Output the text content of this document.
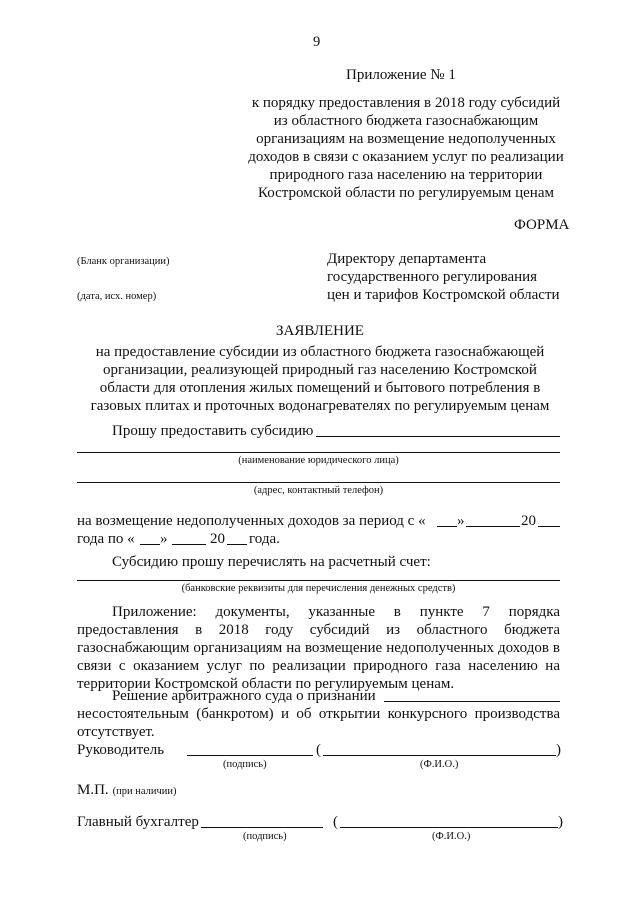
9
Приложение № 1
к порядку предоставления в 2018 году субсидий
из областного бюджета газоснабжающим
организациям на возмещение недополученных
доходов в связи с оказанием услуг по реализации
природного газа населению на территории
Костромской области по регулируемым ценам
ФОРМА
(Бланк организации)
(дата, исх. номер)
Директору департамента
государственного регулирования
цен и тарифов Костромской области
ЗАЯВЛЕНИЕ
на предоставление субсидии из областного бюджета газоснабжающей
организации, реализующей природный газ населению Костромской
области для отопления жилых помещений и бытового потребления в
газовых плитах и проточных водонагревателях по регулируемым ценам
Прошу предоставить субсидию
(наименование юридического лица)
(адрес, контактный телефон)
на возмещение недополученных доходов за период с « »	20
года по « »	20 года.
Субсидию прошу перечислять на расчетный счет:
(банковские реквизиты для перечисления денежных средств)
Приложение: документы, указанные в пункте 7 порядка
предоставления в 2018 году субсидий из областного бюджета
газоснабжающим организациям на возмещение недополученных доходов в
связи с оказанием услуг по реализации природного газа населению на
территории Костромской области по регулируемым ценам.
Решение арбитражного суда о признании
несостоятельным (банкротом) и об открытии конкурсного производства
отсутствует.
Руководитель	(	)
(подпись)	(Ф.И.О.)
М.П. (при наличии)
Главный бухгалтер	(	)
(подпись)	(Ф.И.О.)
